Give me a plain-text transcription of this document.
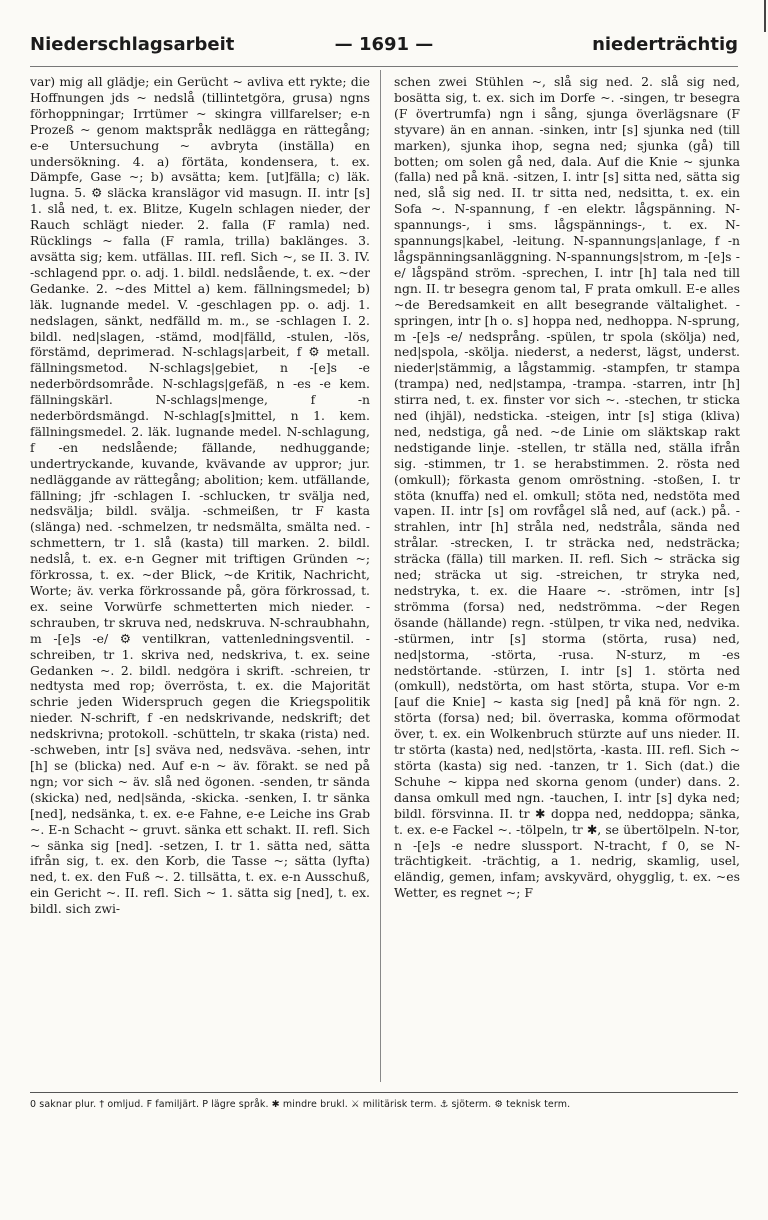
Niederschlagsarbeit	— 1691 —	niederträchtig

var) mig all glädje; ein Gerücht ~ avliva ett rykte; die Hoffnungen jds ~ nedslå (tillintetgöra, grusa) ngns förhoppningar; Irrtümer ~ skingra villfarelser; e-n Prozeß ~ genom maktspråk nedlägga en rättegång; e-e Untersuchung ~ avbryta (inställa) en undersökning. 4. a) förtäta, kondensera, t. ex. Dämpfe, Gase ~; b) avsätta; kem. [ut]fälla; c) läk. lugna. 5. ⚙ släcka kranslägor vid masugn. II. intr [s] 1. slå ned, t. ex. Blitze, Kugeln schlagen nieder, der Rauch schlägt nieder. 2. falla (F ramla) ned. Rücklings ~ falla (F ramla, trilla) baklänges. 3. avsätta sig; kem. utfällas. III. refl. Sich ~, se II. 3. IV. -schlagend ppr. o. adj. 1. bildl. nedslående, t. ex. ~der Gedanke. 2. ~des Mittel a) kem. fällningsmedel; b) läk. lugnande medel. V. -geschlagen pp. o. adj. 1. nedslagen, sänkt, nedfälld m. m., se -schlagen I. 2. bildl. ned|slagen, -stämd, mod|fälld, -stulen, -lös, förstämd, deprimerad. N-schlags|arbeit, f ⚙ metall. fällningsmetod. N-schlags|gebiet, n -[e]s -e nederbördsområde. N-schlags|gefäß, n -es -e kem. fällningskärl. N-schlags|menge, f -n nederbördsmängd. N-schlag[s]mittel, n 1. kem. fällningsmedel. 2. läk. lugnande medel. N-schlagung, f -en nedslående; fällande, nedhuggande; undertryckande, kuvande, kvävande av uppror; jur. nedläggande av rättegång; abolition; kem. utfällande, fällning; jfr -schlagen I. -schlucken, tr svälja ned, nedsvälja; bildl. svälja. -schmeißen, tr F kasta (slänga) ned. -schmelzen, tr nedsmälta, smälta ned. -schmettern, tr 1. slå (kasta) till marken. 2. bildl. nedslå, t. ex. e-n Gegner mit triftigen Gründen ~; förkrossa, t. ex. ~der Blick, ~de Kritik, Nachricht, Worte; äv. verka förkrossande på, göra förkrossad, t. ex. seine Vorwürfe schmetterten mich nieder. -schrauben, tr skruva ned, nedskruva. N-schraubhahn, m -[e]s -e/ ⚙ ventilkran, vattenledningsventil. -schreiben, tr 1. skriva ned, nedskriva, t. ex. seine Gedanken ~. 2. bildl. nedgöra i skrift. -schreien, tr nedtysta med rop; överrösta, t. ex. die Majorität schrie jeden Widerspruch gegen die Kriegspolitik nieder. N-schrift, f -en nedskrivande, nedskrift; det nedskrivna; protokoll. -schütteln, tr skaka (rista) ned. -schweben, intr [s] sväva ned, nedsväva. -sehen, intr [h] se (blicka) ned. Auf e-n ~ äv. förakt. se ned på ngn; vor sich ~ äv. slå ned ögonen. -senden, tr sända (skicka) ned, ned|sända, -skicka. -senken, I. tr sänka [ned], nedsänka, t. ex. e-e Fahne, e-e Leiche ins Grab ~. E-n Schacht ~ gruvt. sänka ett schakt. II. refl. Sich ~ sänka sig [ned]. -setzen, I. tr 1. sätta ned, sätta ifrån sig, t. ex. den Korb, die Tasse ~; sätta (lyfta) ned, t. ex. den Fuß ~. 2. tillsätta, t. ex. e-n Ausschuß, ein Gericht ~. II. refl. Sich ~ 1. sätta sig [ned], t. ex. bildl. sich zwi-

schen zwei Stühlen ~, slå sig ned. 2. slå sig ned, bosätta sig, t. ex. sich im Dorfe ~. -singen, tr besegra (F övertrumfa) ngn i sång, sjunga överlägsnare (F styvare) än en annan. -sinken, intr [s] sjunka ned (till marken), sjunka ihop, segna ned; sjunka (gå) till botten; om solen gå ned, dala. Auf die Knie ~ sjunka (falla) ned på knä. -sitzen, I. intr [s] sitta ned, sätta sig ned, slå sig ned. II. tr sitta ned, nedsitta, t. ex. ein Sofa ~. N-spannung, f -en elektr. lågspänning. N-spannungs-, i sms. lågspännings-, t. ex. N-spannungs|kabel, -leitung. N-spannungs|anlage, f -n lågspänningsanläggning. N-spannungs|strom, m -[e]s -e/ lågspänd ström. -sprechen, I. intr [h] tala ned till ngn. II. tr besegra genom tal, F prata omkull. E-e alles ~de Beredsamkeit en allt besegrande vältalighet. -springen, intr [h o. s] hoppa ned, nedhoppa. N-sprung, m -[e]s -e/ nedsprång. -spülen, tr spola (skölja) ned, ned|spola, -skölja. niederst, a nederst, lägst, underst. nieder|stämmig, a lågstammig. -stampfen, tr stampa (trampa) ned, ned|stampa, -trampa. -starren, intr [h] stirra ned, t. ex. finster vor sich ~. -stechen, tr sticka ned (ihjäl), nedsticka. -steigen, intr [s] stiga (kliva) ned, nedstiga, gå ned. ~de Linie om släktskap rakt nedstigande linje. -stellen, tr ställa ned, ställa ifrån sig. -stimmen, tr 1. se herabstimmen. 2. rösta ned (omkull); förkasta genom omröstning. -stoßen, I. tr stöta (knuffa) ned el. omkull; stöta ned, nedstöta med vapen. II. intr [s] om rovfågel slå ned, auf (ack.) på. -strahlen, intr [h] stråla ned, nedstråla, sända ned strålar. -strecken, I. tr sträcka ned, nedsträcka; sträcka (fälla) till marken. II. refl. Sich ~ sträcka sig ned; sträcka ut sig. -streichen, tr stryka ned, nedstryka, t. ex. die Haare ~. -strömen, intr [s] strömma (forsa) ned, nedströmma. ~der Regen ösande (hällande) regn. -stülpen, tr vika ned, nedvika. -stürmen, intr [s] storma (störta, rusa) ned, ned|storma, -störta, -rusa. N-sturz, m -es nedstörtande. -stürzen, I. intr [s] 1. störta ned (omkull), nedstörta, om hast störta, stupa. Vor e-m [auf die Knie] ~ kasta sig [ned] på knä för ngn. 2. störta (forsa) ned; bil. överraska, komma oförmodat över, t. ex. ein Wolkenbruch stürzte auf uns nieder. II. tr störta (kasta) ned, ned|störta, -kasta. III. refl. Sich ~ störta (kasta) sig ned. -tanzen, tr 1. Sich (dat.) die Schuhe ~ kippa ned skorna genom (under) dans. 2. dansa omkull med ngn. -tauchen, I. intr [s] dyka ned; bildl. försvinna. II. tr ✱ doppa ned, neddoppa; sänka, t. ex. e-e Fackel ~. -tölpeln, tr ✱, se übertölpeln. N-tor, n -[e]s -e nedre slussport. N-tracht, f 0, se N-trächtigkeit. -trächtig, a 1. nedrig, skamlig, usel, eländig, gemen, infam; avskyvärd, ohygglig, t. ex. ~es Wetter, es regnet ~; F

0 saknar plur. † omljud. F familjärt. P lägre språk. ✱ mindre brukl. ⚔ militärisk term. ⚓ sjöterm. ⚙ teknisk term.
